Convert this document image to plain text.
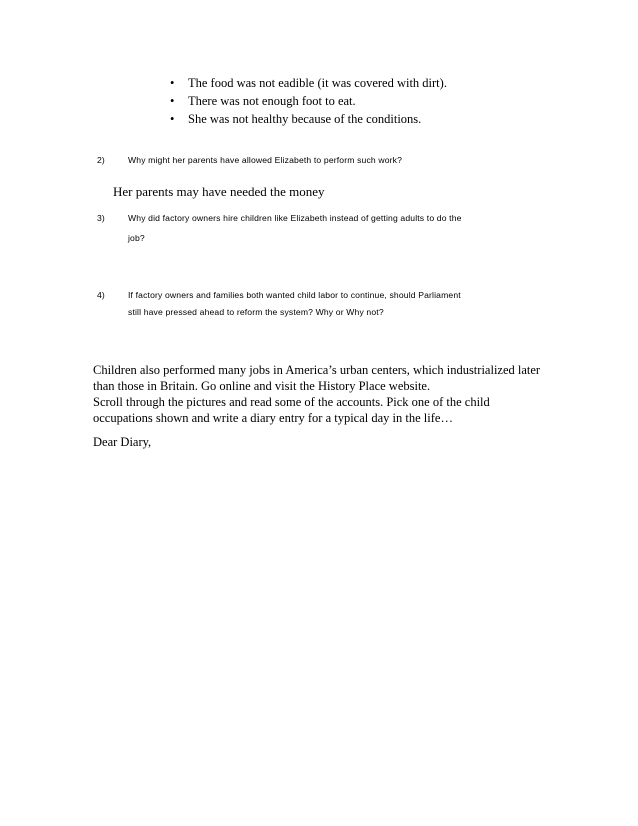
• The food was not eadible (it was covered with dirt).
• There was not enough foot to eat.
• She was not healthy because of the conditions.
2)	Why might her parents have allowed Elizabeth to perform such work?
Her parents may have needed the money
3)	Why did factory owners hire children like Elizabeth instead of getting adults to do the
job?
4)	If factory owners and families both wanted child labor to continue, should Parliament
still have pressed ahead to reform the system? Why or Why not?
Children also performed many jobs in America’s urban centers, which industrialized later
than those in Britain. Go online and visit the History Place website.
Scroll through the pictures and read some of the accounts. Pick one of the child
occupations shown and write a diary entry for a typical day in the life…
Dear Diary,
